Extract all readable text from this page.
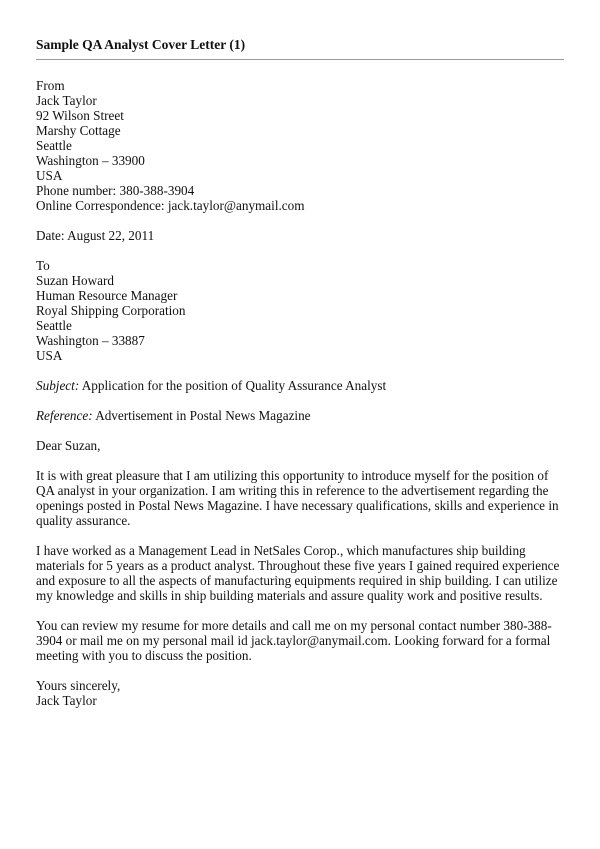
Sample QA Analyst Cover Letter (1)
From
Jack Taylor
92 Wilson Street
Marshy Cottage
Seattle
Washington – 33900
USA
Phone number: 380-388-3904
Online Correspondence: jack.taylor@anymail.com
Date: August 22, 2011
To
Suzan Howard
Human Resource Manager
Royal Shipping Corporation
Seattle
Washington – 33887
USA
Subject: Application for the position of Quality Assurance Analyst
Reference: Advertisement in Postal News Magazine
Dear Suzan,
It is with great pleasure that I am utilizing this opportunity to introduce myself for the position of
QA analyst in your organization. I am writing this in reference to the advertisement regarding the
openings posted in Postal News Magazine. I have necessary qualifications, skills and experience in
quality assurance.
I have worked as a Management Lead in NetSales Corop., which manufactures ship building
materials for 5 years as a product analyst. Throughout these five years I gained required experience
and exposure to all the aspects of manufacturing equipments required in ship building. I can utilize
my knowledge and skills in ship building materials and assure quality work and positive results.
You can review my resume for more details and call me on my personal contact number 380-388-
3904 or mail me on my personal mail id jack.taylor@anymail.com. Looking forward for a formal
meeting with you to discuss the position.
Yours sincerely,
Jack Taylor
